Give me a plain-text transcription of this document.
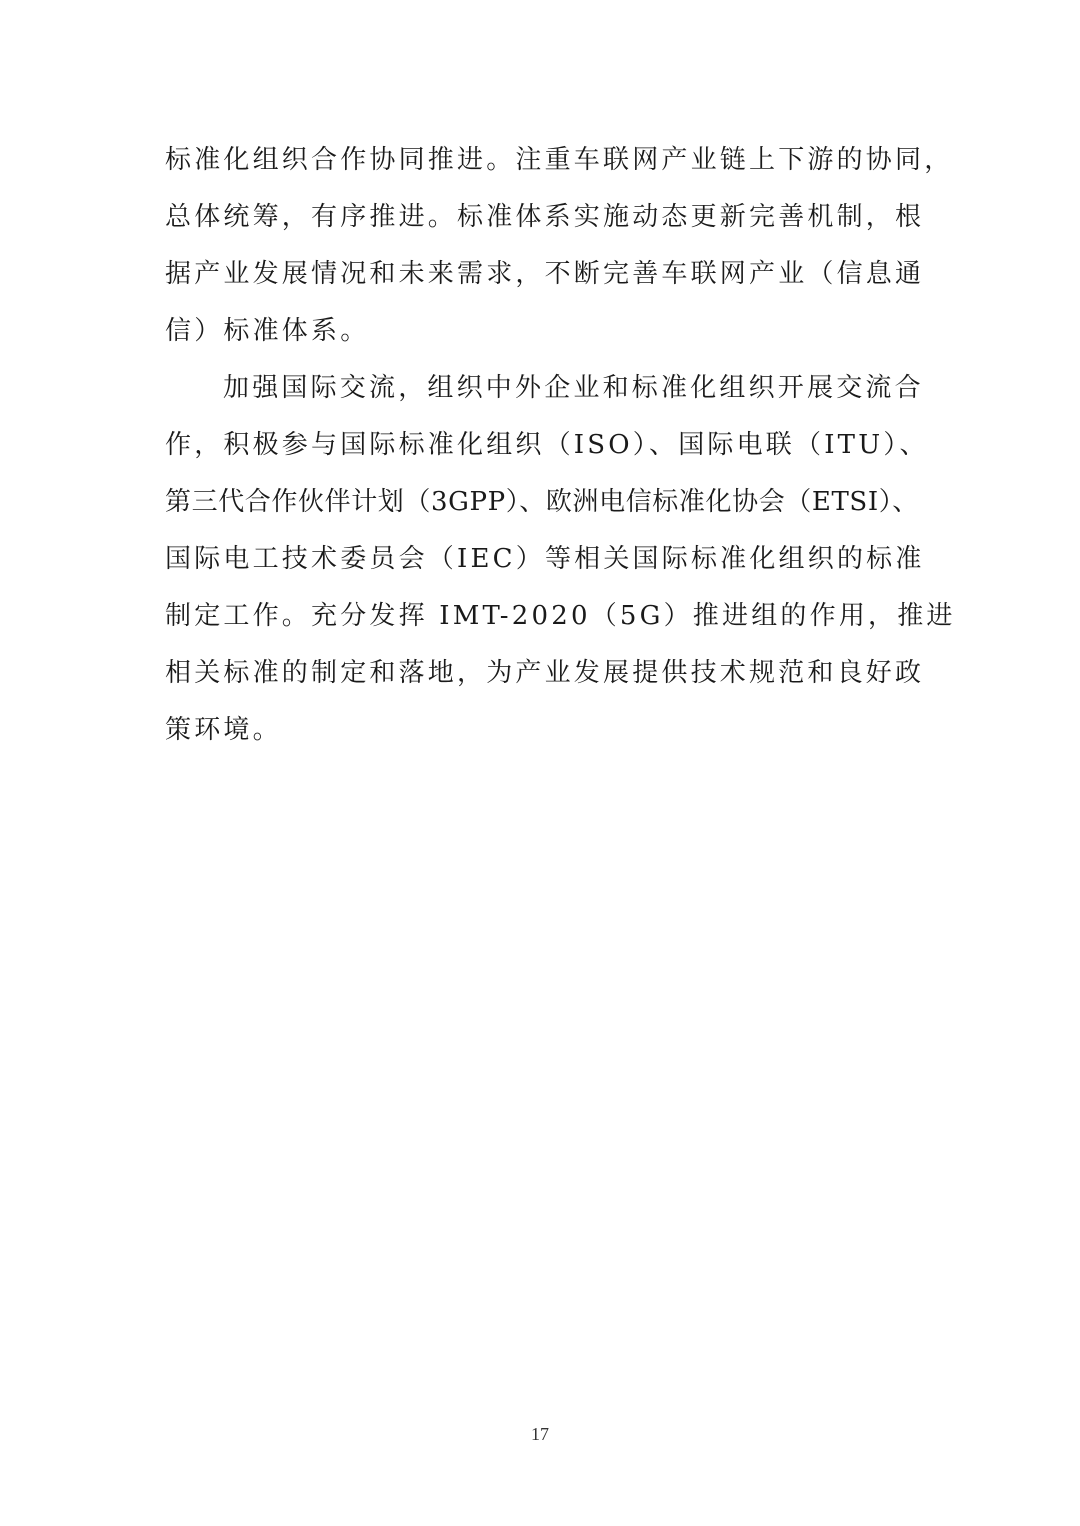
标准化组织合作协同推进。注重车联网产业链上下游的协同，
总体统筹，有序推进。标准体系实施动态更新完善机制，根
据产业发展情况和未来需求，不断完善车联网产业（信息通
信）标准体系。
加强国际交流，组织中外企业和标准化组织开展交流合
作，积极参与国际标准化组织（ISO）、国际电联（ITU）、
第三代合作伙伴计划（3GPP）、欧洲电信标准化协会（ETSI）、
国际电工技术委员会（IEC）等相关国际标准化组织的标准
制定工作。充分发挥 IMT-2020（5G）推进组的作用，推进
相关标准的制定和落地，为产业发展提供技术规范和良好政
策环境。
17
